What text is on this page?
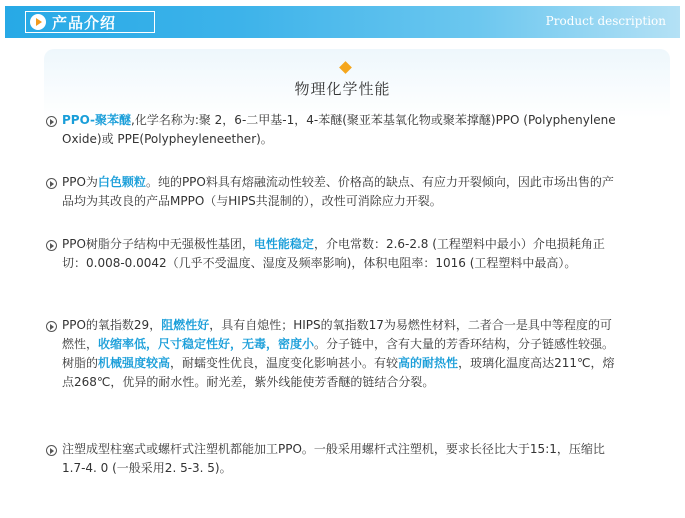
产品介绍	Product description
物理化学性能
PPO-聚苯醚,化学名称为:聚 2，6-二甲基-1，4-苯醚(聚亚苯基氧化物或聚苯撑醚)PPO (Polyphenylene Oxide)或 PPE(Polypheyleneether)。
PPO为白色颗粒。纯的PPO料具有熔融流动性较差、价格高的缺点、有应力开裂倾向，因此市场出售的产品均为其改良的产品MPPO（与HIPS共混制的），改性可消除应力开裂。
PPO树脂分子结构中无强极性基团，电性能稳定，介电常数：2.6-2.8 (工程塑料中最小）介电损耗角正切：0.008-0.0042（几乎不受温度、湿度及频率影响)，体积电阻率：1016 (工程塑料中最高）。
PPO的氧指数29，阻燃性好，具有自熄性；HIPS的氧指数17为易燃性材料，二者合一是具中等程度的可燃性，收缩率低，尺寸稳定性好，无毒，密度小。分子链中，含有大量的芳香环结构，分子链感性较强。树脂的机械强度较高，耐蠕变性优良，温度变化影响甚小。有较高的耐热性，玻璃化温度高达211℃，熔点268℃，优异的耐水性。耐光差，紫外线能使芳香醚的链结合分裂。
注塑成型柱塞式或螺杆式注塑机都能加工PPO。一般采用螺杆式注塑机，要求长径比大于15:1，压缩比1.7-4. 0 (一般采用2. 5-3. 5)。
